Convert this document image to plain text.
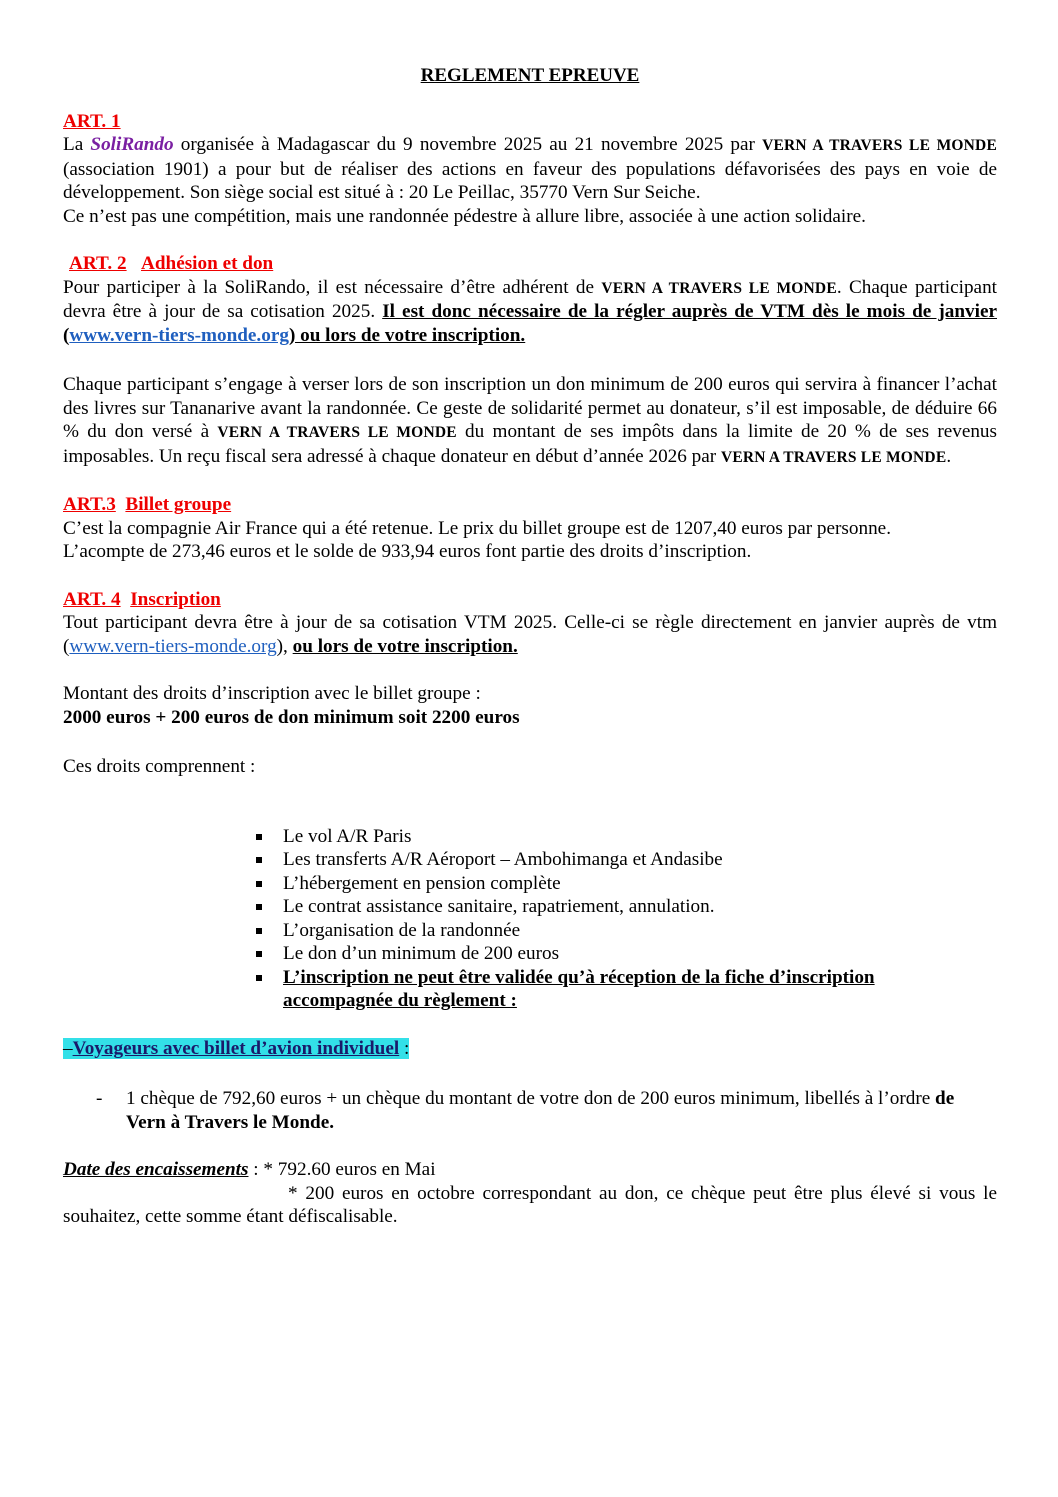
REGLEMENT EPREUVE
ART. 1

La SoliRando organisée à Madagascar du 9 novembre 2025 au 21 novembre 2025 par VERN A TRAVERS LE MONDE (association 1901) a pour but de réaliser des actions en faveur des populations défavorisées des pays en voie de développement. Son siège social est situé à : 20 Le Peillac, 35770 Vern Sur Seiche.

Ce n’est pas une compétition, mais une randonnée pédestre à allure libre, associée à une action solidaire.

ART. 2 Adhésion et don

Pour participer à la SoliRando, il est nécessaire d’être adhérent de VERN A TRAVERS LE MONDE. Chaque participant devra être à jour de sa cotisation 2025. Il est donc nécessaire de la régler auprès de VTM dès le mois de janvier (www.vern-tiers-monde.org) ou lors de votre inscription.

Chaque participant s’engage à verser lors de son inscription un don minimum de 200 euros qui servira à financer l’achat des livres sur Tananarive avant la randonnée. Ce geste de solidarité permet au donateur, s’il est imposable, de déduire 66 % du don versé à VERN A TRAVERS LE MONDE du montant de ses impôts dans la limite de 20 % de ses revenus imposables. Un reçu fiscal sera adressé à chaque donateur en début d’année 2026 par VERN A TRAVERS LE MONDE.

ART.3 Billet groupe

C’est la compagnie Air France qui a été retenue. Le prix du billet groupe est de 1207,40 euros par personne.

L’acompte de 273,46 euros et le solde de 933,94 euros font partie des droits d’inscription.

ART. 4 Inscription

Tout participant devra être à jour de sa cotisation VTM 2025. Celle-ci se règle directement en janvier auprès de vtm (www.vern-tiers-monde.org), ou lors de votre inscription.

Montant des droits d’inscription avec le billet groupe :

2000 euros + 200 euros de don minimum soit 2200 euros

Ces droits comprennent :

Le vol A/R Paris
Les transferts A/R Aéroport – Ambohimanga et Andasibe
L’hébergement en pension complète
Le contrat assistance sanitaire, rapatriement, annulation.
L’organisation de la randonnée
Le don d’un minimum de 200 euros
L’inscription ne peut être validée qu’à réception de la fiche d’inscription accompagnée du règlement :
–Voyageurs avec billet d’avion individuel :
- 1 chèque de 792,60 euros + un chèque du montant de votre don de 200 euros minimum, libellés à l’ordre de Vern à Travers le Monde.
Date des encaissements : * 792.60 euros en Mai

* 200 euros en octobre correspondant au don, ce chèque peut être plus élevé si vous le souhaitez, cette somme étant défiscalisable.
